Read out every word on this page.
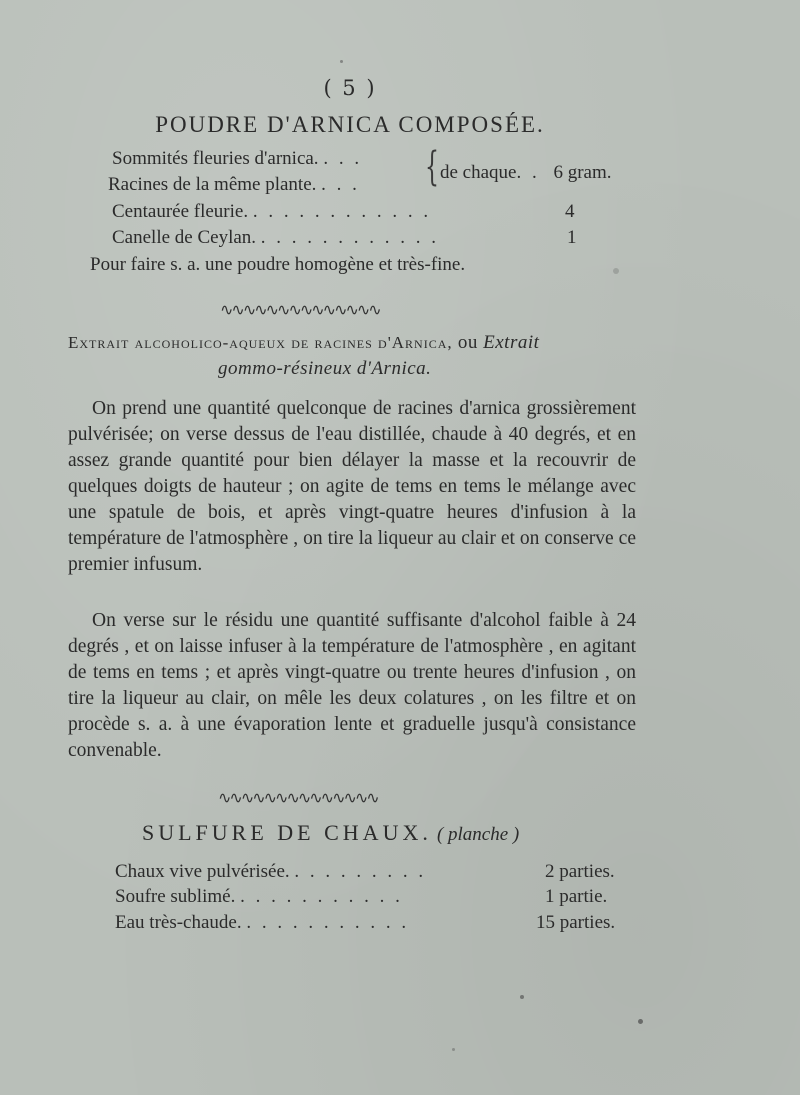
( 5 )
POUDRE D'ARNICA COMPOSÉE.
Sommités fleuries d'arnica. . . .
Racines de la même plante. . . . { de chaque. . 6 gram.
Centaurée fleurie. . . . . . . . . . . . .	4
Canelle de Ceylan. . . . . . . . . . . . .	1
Pour faire s. a. une poudre homogène et très-fine.
∿∿∿∿∿∿∿∿∿∿∿∿∿∿
Extrait alcoholico-aqueux de racines d'Arnica, ou Extrait
gommo-résineux d'Arnica.
On prend une quantité quelconque de racines d'arnica grossièrement pulvérisée; on verse dessus de l'eau distillée, chaude à 40 degrés, et en assez grande quantité pour bien délayer la masse et la recouvrir de quelques doigts de hauteur ; on agite de tems en tems le mélange avec une spatule de bois, et après vingt-quatre heures d'infusion à la température de l'atmosphère , on tire la liqueur au clair et on conserve ce premier infusum.
On verse sur le résidu une quantité suffisante d'alcohol faible à 24 degrés , et on laisse infuser à la température de l'atmosphère , en agitant de tems en tems ; et après vingt-quatre ou trente heures d'infusion , on tire la liqueur au clair, on mêle les deux colatures , on les filtre et on procède s. a. à une évaporation lente et graduelle jusqu'à consistance convenable.
∿∿∿∿∿∿∿∿∿∿∿∿∿∿
SULFURE DE CHAUX. ( planche )
Chaux vive pulvérisée. . . . . . . . . .	2 parties.
Soufre sublimé. . . . . . . . . . . .	1 partie.
Eau très-chaude. . . . . . . . . . . .	15 parties.
